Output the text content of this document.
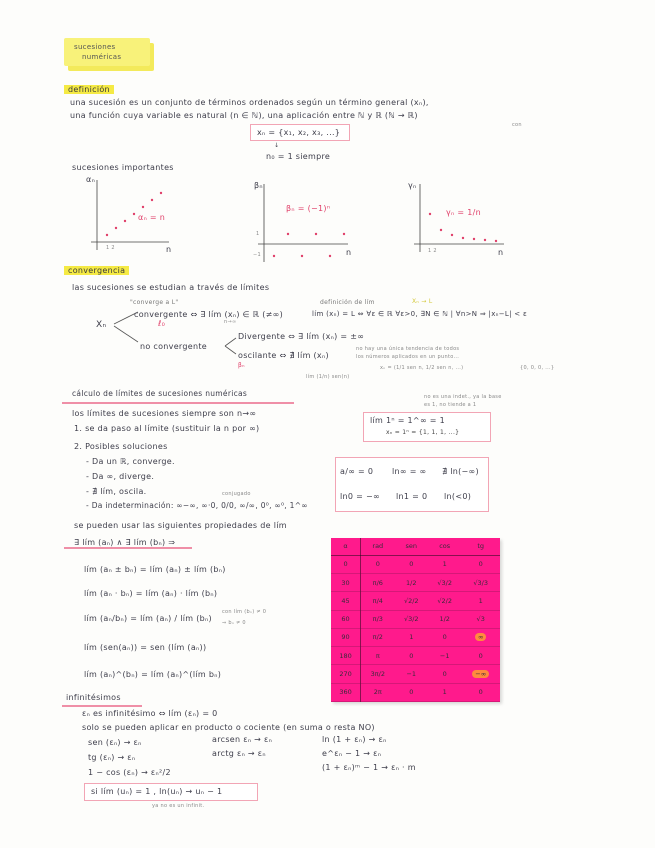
sucesiones
numéricas
definición
una sucesión es un conjunto de términos ordenados según un término general (xₙ),
una función cuya variable es natural (n ∈ ℕ), una aplicación entre ℕ y ℝ (ℕ → ℝ)
con
xₙ = {x₁, x₂, x₃, ...}
↓
n₀ = 1 siempre
sucesiones importantes
αₙ
αₙ = n
n
1 2
βₙ
βₙ = (−1)ⁿ
n
1
−1
γₙ
γₙ = 1/n
n
1 2
convergencia
las sucesiones se estudian a través de límites
Xₙ
"converge a L"
convergente ⇔ ∃ lím (xₙ) ∈ ℝ (≠∞)
n→∞
ℓ₀
definición de lím	Xₙ → L
lím (xₙ) = L ⇔ ∀ε ∈ ℝ ∀ε>0, ∃N ∈ ℕ | ∀n>N ⇒ |xₙ−L| < ε
no convergente
Divergente ⇔ ∃ lím (xₙ) = ±∞
oscilante ⇔ ∄ lím (xₙ)
no hay una única tendencia de todos
los números aplicados en un punto...
βₙ	{0, 0, 0, ...}
lím (1/n) sen(n)
xₙ = (1/1 sen n, 1/2 sen n, ...)
cálculo de límites de sucesiones numéricas
los límites de sucesiones siempre son n→∞
1. se da paso al límite (sustituir la n por ∞)
2. Posibles soluciones
- Da un ℝ, converge.
- Da ∞, diverge.
- ∄ lím, oscila.	conjugado
- Da indeterminación: ∞−∞, ∞·0, 0/0, ∞/∞, 0⁰, ∞⁰, 1^∞
no es una indet., ya la base
es 1, no tiende a 1
lím 1ⁿ = 1^∞ = 1
xₙ = 1ⁿ = {1, 1, 1, ...}
a/∞ = 0 ln∞ = ∞ ∄ ln(−∞)
ln0 = −∞ ln1 = 0 ln(<0)
se pueden usar las siguientes propiedades de lím
∃ lím (aₙ) ∧ ∃ lím (bₙ) ⇒
lím (aₙ ± bₙ) = lím (aₙ) ± lím (bₙ)
lím (aₙ · bₙ) = lím (aₙ) · lím (bₙ)
lím (aₙ/bₙ) = lím (aₙ) / lím (bₙ)
con lím (bₙ) ≠ 0
⇒ bₙ ≠ 0
lím (sen(aₙ)) = sen (lím (aₙ))
lím (aₙ)^(bₙ) = lím (aₙ)^(lím bₙ)
α	rad	sen	cos	tg
0	0	0	1	0
30	π/6	1/2	√3/2	√3/3
45	π/4	√2/2	√2/2	1
60	π/3	√3/2	1/2	√3
90	π/2	1	0	∞
180	π	0	−1	0
270	3π/2	−1	0	−∞
360	2π	0	1	0
infinitésimos
εₙ es infinitésimo ⇔ lím (εₙ) = 0
solo se pueden aplicar en producto o cociente (en suma o resta NO)
sen (εₙ) → εₙ
tg (εₙ) → εₙ
1 − cos (εₙ) → εₙ²/2
arcsen εₙ → εₙ
arctg εₙ → εₙ
ln (1 + εₙ) → εₙ
e^εₙ − 1 → εₙ
(1 + εₙ)ᵐ − 1 → εₙ · m
si lím (uₙ) = 1 , ln(uₙ) → uₙ − 1
ya no es un infinit.
